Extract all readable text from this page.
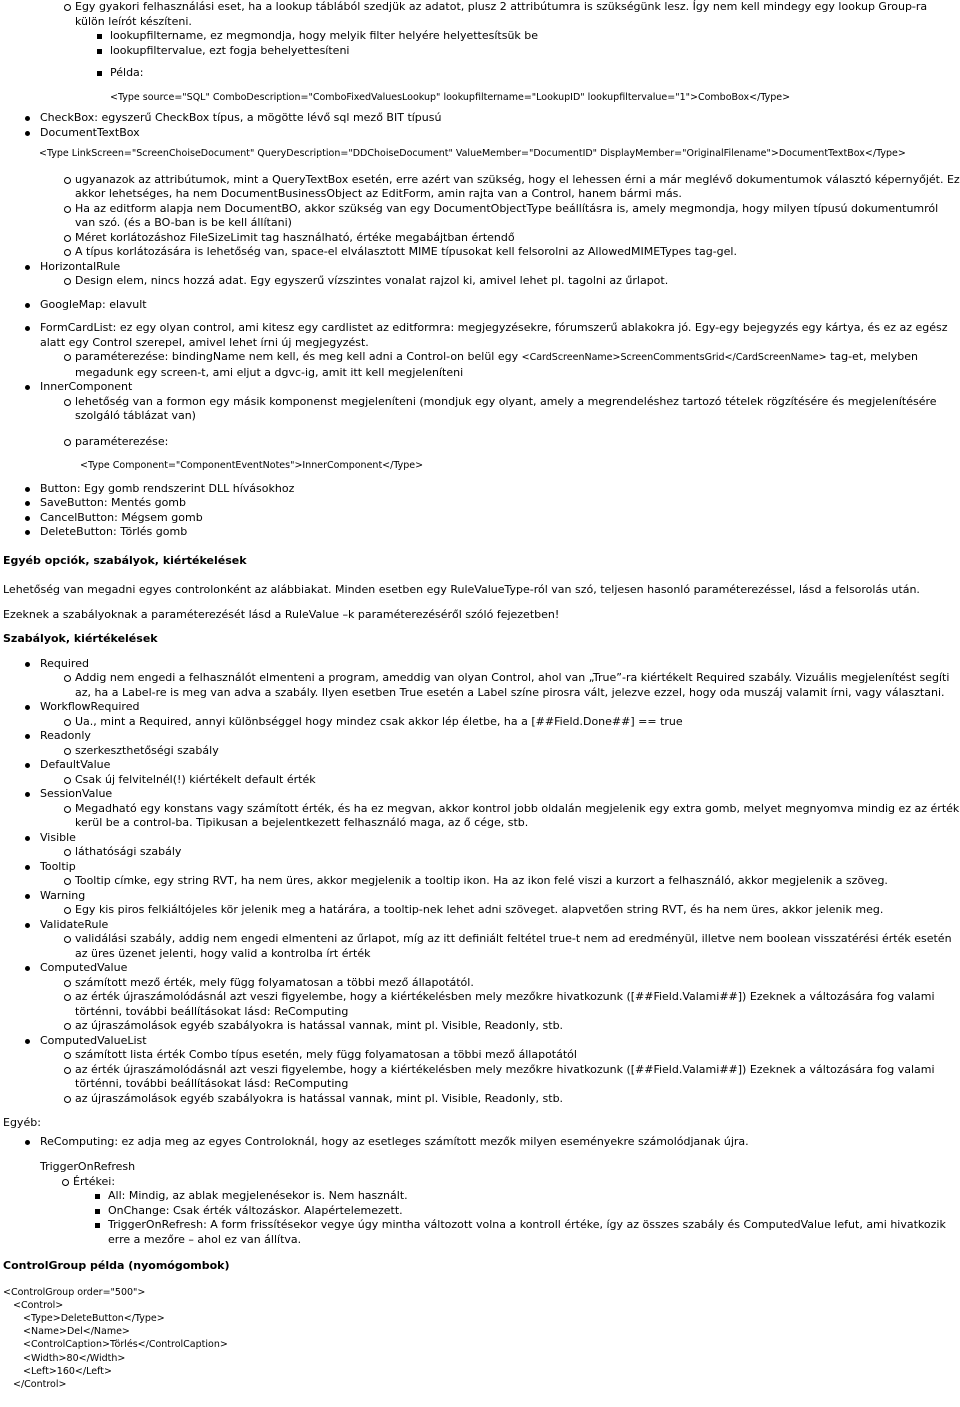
Egy gyakori felhasználási eset, ha a lookup táblából szedjük az adatot, plusz 2 attribútumra is szükségünk lesz. Így nem kell mindegy egy lookup Group-ra külön leírót készíteni.
lookupfiltername, ez megmondja, hogy melyik filter helyére helyettesítsük be
lookupfiltervalue, ezt fogja behelyettesíteni
Példa:

<Type source="SQL" ComboDescription="ComboFixedValuesLookup" lookupfiltername="LookupID" lookupfiltervalue="1">ComboBox</Type>

CheckBox: egyszerű CheckBox típus, a mögötte lévő sql mező BIT típusú
DocumentTextBox

<Type LinkScreen="ScreenChoiseDocument" QueryDescription="DDChoiseDocument" ValueMember="DocumentID" DisplayMember="OriginalFilename">DocumentTextBox</Type>

ugyanazok az attribútumok, mint a QueryTextBox esetén, erre azért van szükség, hogy el lehessen érni a már meglévő dokumentumok választó képernyőjét. Ez akkor lehetséges, ha nem DocumentBusinessObject az EditForm, amin rajta van a Control, hanem bármi más.
Ha az editform alapja nem DocumentBO, akkor szükség van egy DocumentObjectType beállításra is, amely megmondja, hogy milyen típusú dokumentumról van szó. (és a BO-ban is be kell állítani)
Méret korlátozáshoz FileSizeLimit tag használható, értéke megabájtban értendő
A típus korlátozására is lehetőség van, space-el elválasztott MIME típusokat kell felsorolni az AllowedMIMETypes tag-gel.
HorizontalRule
Design elem, nincs hozzá adat. Egy egyszerű vízszintes vonalat rajzol ki, amivel lehet pl. tagolni az űrlapot.
GoogleMap: elavult
FormCardList: ez egy olyan control, ami kitesz egy cardlistet az editformra: megjegyzésekre, fórumszerű ablakokra jó. Egy-egy bejegyzés egy kártya, és ez az egész alatt egy Control szerepel, amivel lehet írni új megjegyzést.
paraméterezése: bindingName nem kell, és meg kell adni a Control-on belül egy <CardScreenName>ScreenCommentsGrid</CardScreenName> tag-et, melyben megadunk egy screen-t, ami eljut a dgvc-ig, amit itt kell megjeleníteni
InnerComponent
lehetőség van a formon egy másik komponenst megjeleníteni (mondjuk egy olyant, amely a megrendeléshez tartozó tételek rögzítésére és megjelenítésére szolgáló táblázat van)
paraméterezése:

<Type Component="ComponentEventNotes">InnerComponent</Type>

Button: Egy gomb rendszerint DLL hívásokhoz
SaveButton: Mentés gomb
CancelButton: Mégsem gomb
DeleteButton: Törlés gomb

Egyéb opciók, szabályok, kiértékelések

Lehetőség van megadni egyes controlonként az alábbiakat. Minden esetben egy RuleValueType-ról van szó, teljesen hasonló paraméterezéssel, lásd a felsorolás után.

Ezeknek a szabályoknak a paraméterezését lásd a RuleValue –k paraméterezéséről szóló fejezetben!

Szabályok, kiértékelések

Required
Addig nem engedi a felhasználót elmenteni a program, ameddig van olyan Control, ahol van „True”-ra kiértékelt Required szabály. Vizuális megjelenítést segíti az, ha a Label-re is meg van adva a szabály. Ilyen esetben True esetén a Label színe pirosra vált, jelezve ezzel, hogy oda muszáj valamit írni, vagy választani.
WorkflowRequired
Ua., mint a Required, annyi különbséggel hogy mindez csak akkor lép életbe, ha a [##Field.Done##] == true
Readonly
szerkeszthetőségi szabály
DefaultValue
Csak új felvitelnél(!) kiértékelt default érték
SessionValue
Megadható egy konstans vagy számított érték, és ha ez megvan, akkor kontrol jobb oldalán megjelenik egy extra gomb, melyet megnyomva mindig ez az érték kerül be a control-ba. Tipikusan a bejelentkezett felhasználó maga, az ő cége, stb.
Visible
láthatósági szabály
Tooltip
Tooltip címke, egy string RVT, ha nem üres, akkor megjelenik a tooltip ikon. Ha az ikon felé viszi a kurzort a felhasználó, akkor megjelenik a szöveg.
Warning
Egy kis piros felkiáltójeles kör jelenik meg a határára, a tooltip-nek lehet adni szöveget. alapvetően string RVT, és ha nem üres, akkor jelenik meg.
ValidateRule
validálási szabály, addig nem engedi elmenteni az űrlapot, míg az itt definiált feltétel true-t nem ad eredményül, illetve nem boolean visszatérési érték esetén az üres üzenet jelenti, hogy valid a kontrolba írt érték
ComputedValue
számított mező érték, mely függ folyamatosan a többi mező állapotától.
az érték újraszámolódásnál azt veszi figyelembe, hogy a kiértékelésben mely mezőkre hivatkozunk ([##Field.Valami##]) Ezeknek a változására fog valami történni, további beállításokat lásd: ReComputing
az újraszámolások egyéb szabályokra is hatással vannak, mint pl. Visible, Readonly, stb.
ComputedValueList
számított lista érték Combo típus esetén, mely függ folyamatosan a többi mező állapotától
az érték újraszámolódásnál azt veszi figyelembe, hogy a kiértékelésben mely mezőkre hivatkozunk ([##Field.Valami##]) Ezeknek a változására fog valami történni, további beállításokat lásd: ReComputing
az újraszámolások egyéb szabályokra is hatással vannak, mint pl. Visible, Readonly, stb.

Egyéb:

ReComputing: ez adja meg az egyes Controloknál, hogy az esetleges számított mezők milyen eseményekre számolódjanak újra.

TriggerOnRefresh

Értékei:
All: Mindig, az ablak megjelenésekor is. Nem használt.
OnChange: Csak érték változáskor. Alapértelemezett.
TriggerOnRefresh: A form frissítésekor vegye úgy mintha változott volna a kontroll értéke, így az összes szabály és ComputedValue lefut, ami hivatkozik erre a mezőre – ahol ez van állítva.

ControlGroup példa (nyomógombok)

<ControlGroup order="500">
<Control>
<Type>DeleteButton</Type>
<Name>Del</Name>
<ControlCaption>Törlés</ControlCaption>
<Width>80</Width>
<Left>160</Left>
</Control>
